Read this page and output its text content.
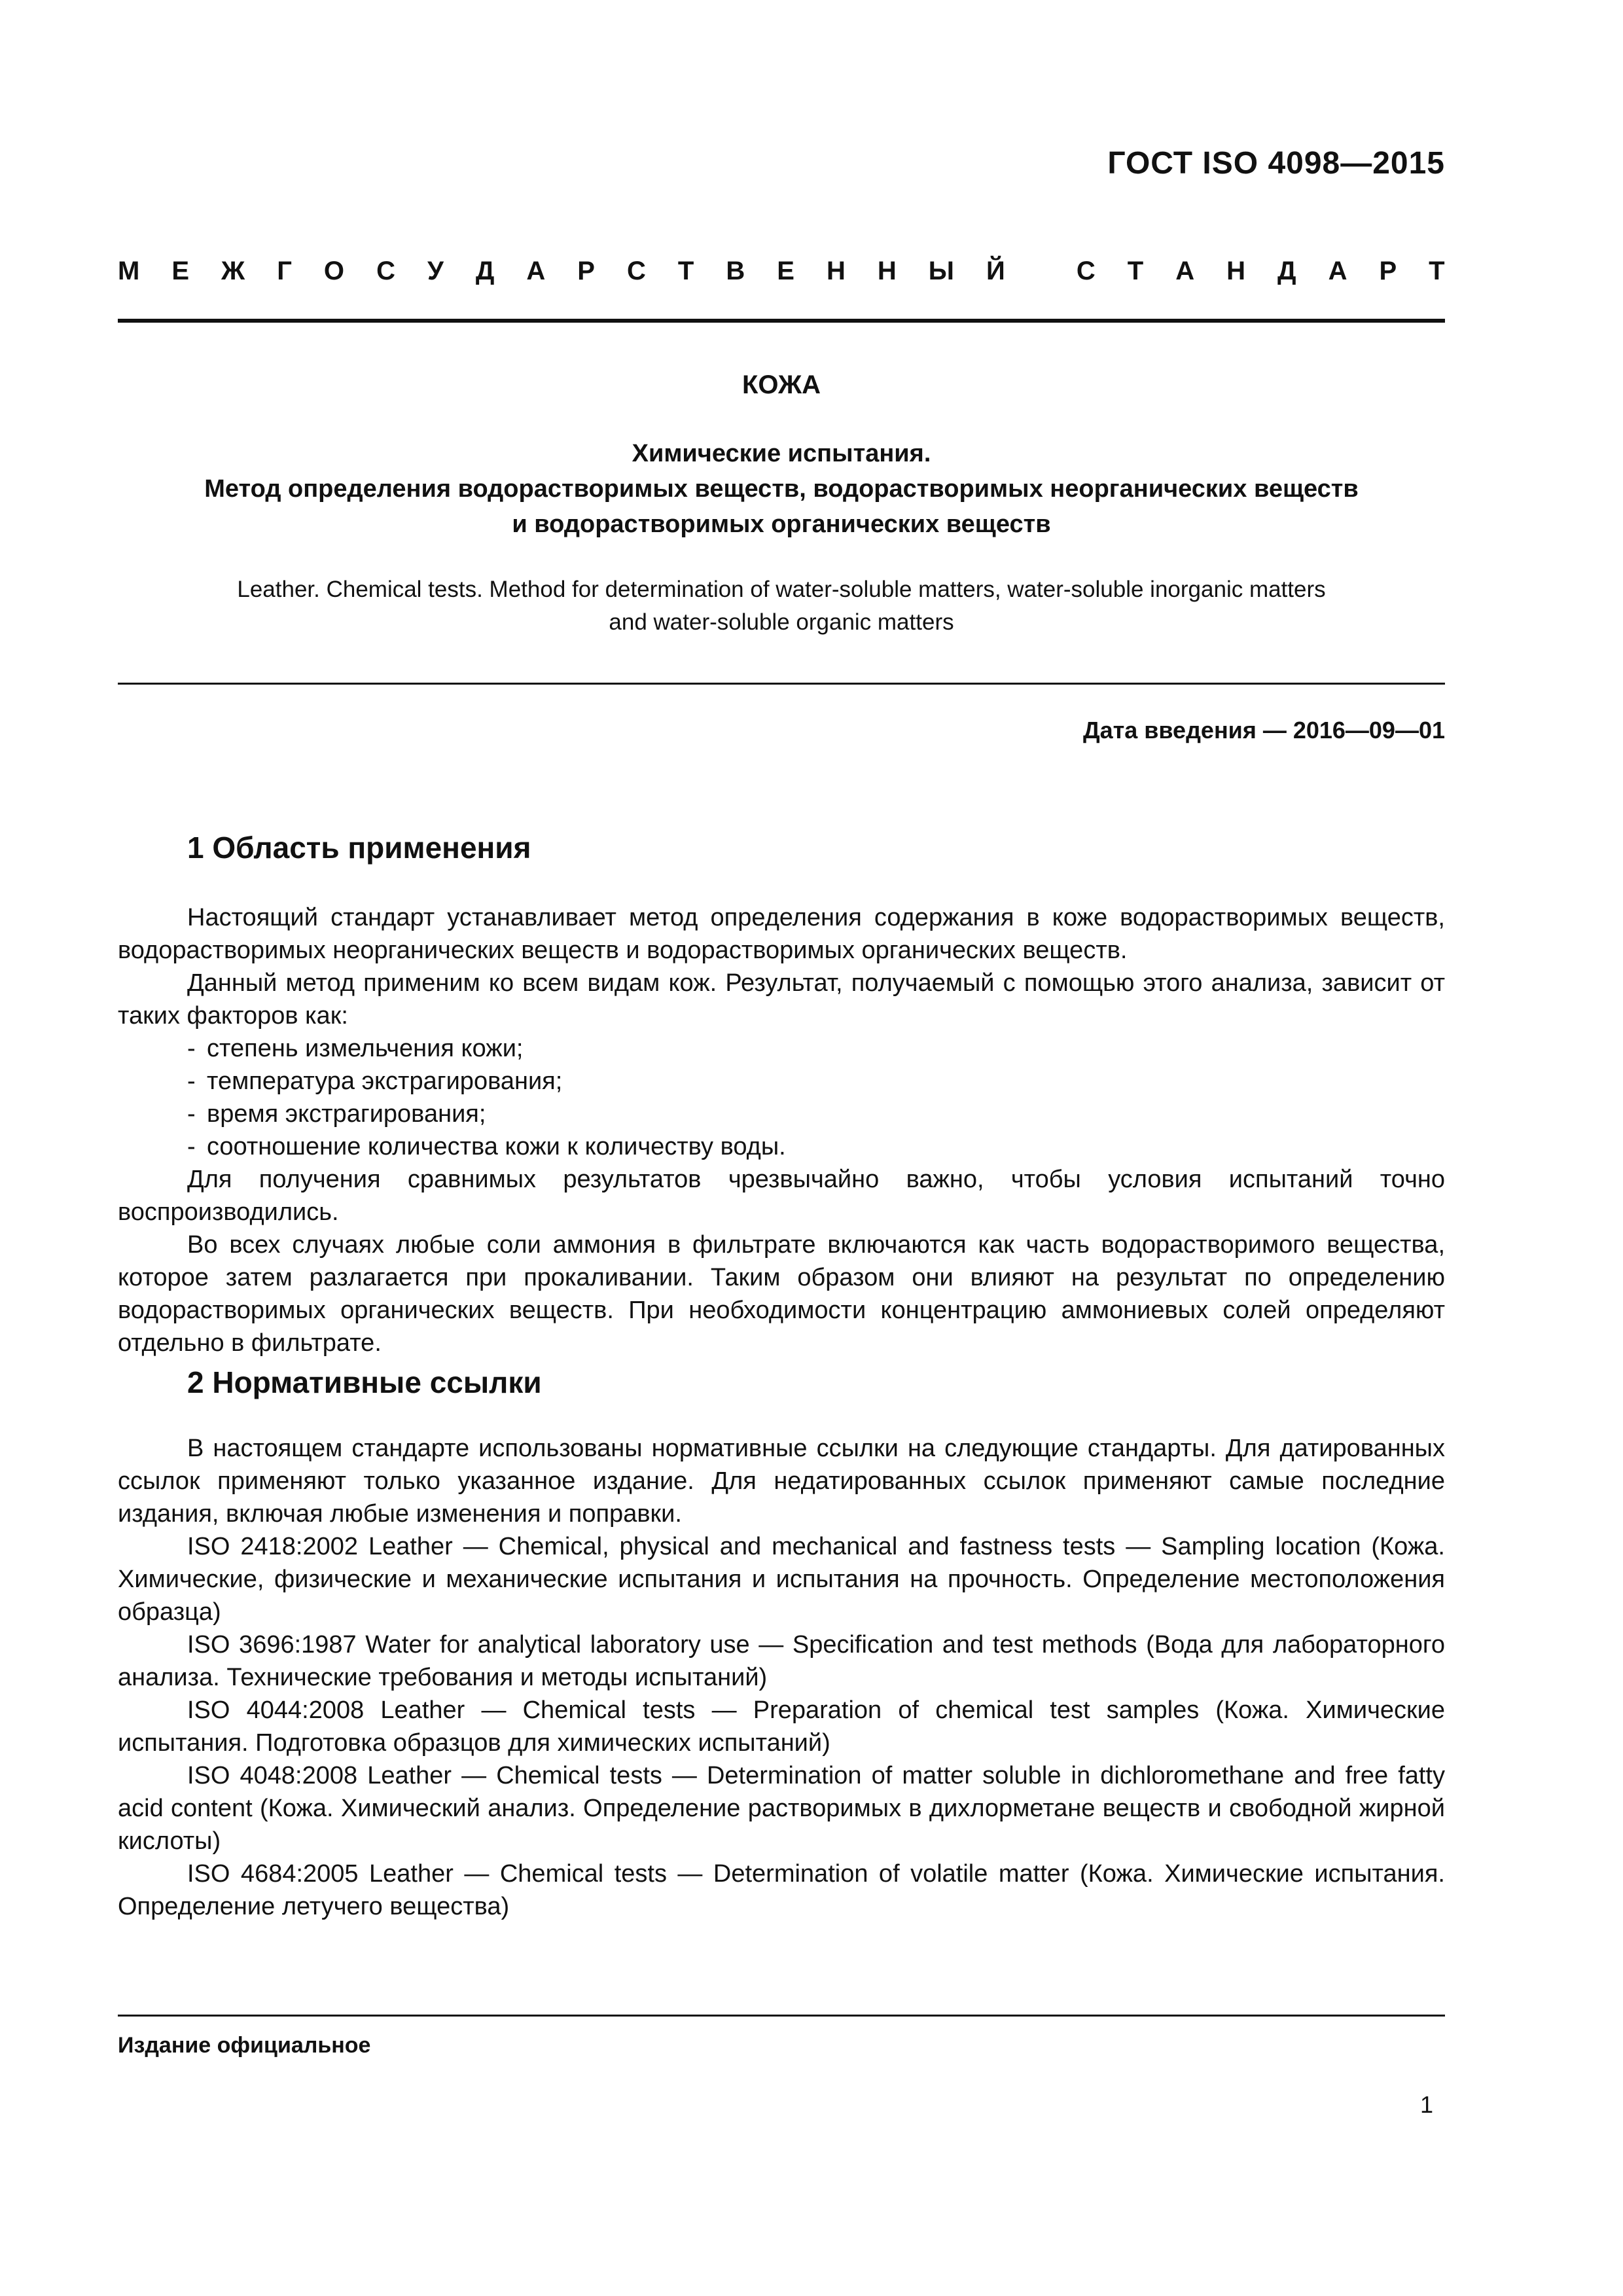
ГОСТ ISO 4098—2015
М Е Ж Г О С У Д А Р С Т В Е Н Н Ы Й
	С Т А Н Д А Р Т
КОЖА
Химические испытания.
Метод определения водорастворимых веществ, водорастворимых неорганических веществ
и водорастворимых органических веществ
Leather. Chemical tests. Method for determination of water-soluble matters, water-soluble inorganic matters
and water-soluble organic matters
Дата введения — 2016—09—01
1 Область применения

Настоящий стандарт устанавливает метод определения содержания в коже водорастворимых веществ, водорастворимых неорганических веществ и водорастворимых органических веществ.

Данный метод применим ко всем видам кож. Результат, получаемый с помощью этого анализа, зависит от таких факторов как:

- степень измельчения кожи;
- температура экстрагирования;
- время экстрагирования;
- соотношение количества кожи к количеству воды.

Для получения сравнимых результатов чрезвычайно важно, чтобы условия испытаний точно воспроизводились.

Во всех случаях любые соли аммония в фильтрате включаются как часть водорастворимого вещества, которое затем разлагается при прокаливании. Таким образом они влияют на результат по определению водорастворимых органических веществ. При необходимости концентрацию аммониевых солей определяют отдельно в фильтрате.

2 Нормативные ссылки

В настоящем стандарте использованы нормативные ссылки на следующие стандарты. Для датированных ссылок применяют только указанное издание. Для недатированных ссылок применяют самые последние издания, включая любые изменения и поправки.

ISO 2418:2002 Leather — Chemical, physical and mechanical and fastness tests — Sampling location (Кожа. Химические, физические и механические испытания и испытания на прочность. Определение местоположения образца)

ISO 3696:1987 Water for analytical laboratory use — Specification and test methods (Вода для лабораторного анализа. Технические требования и методы испытаний)

ISO 4044:2008 Leather — Chemical tests — Preparation of chemical test samples (Кожа. Химические испытания. Подготовка образцов для химических испытаний)

ISO 4048:2008 Leather — Chemical tests — Determination of matter soluble in dichloromethane and free fatty acid content (Кожа. Химический анализ. Определение растворимых в дихлорметане веществ и свободной жирной кислоты)

ISO 4684:2005 Leather — Chemical tests — Determination of volatile matter (Кожа. Химические испытания. Определение летучего вещества)

Издание официальное
1
